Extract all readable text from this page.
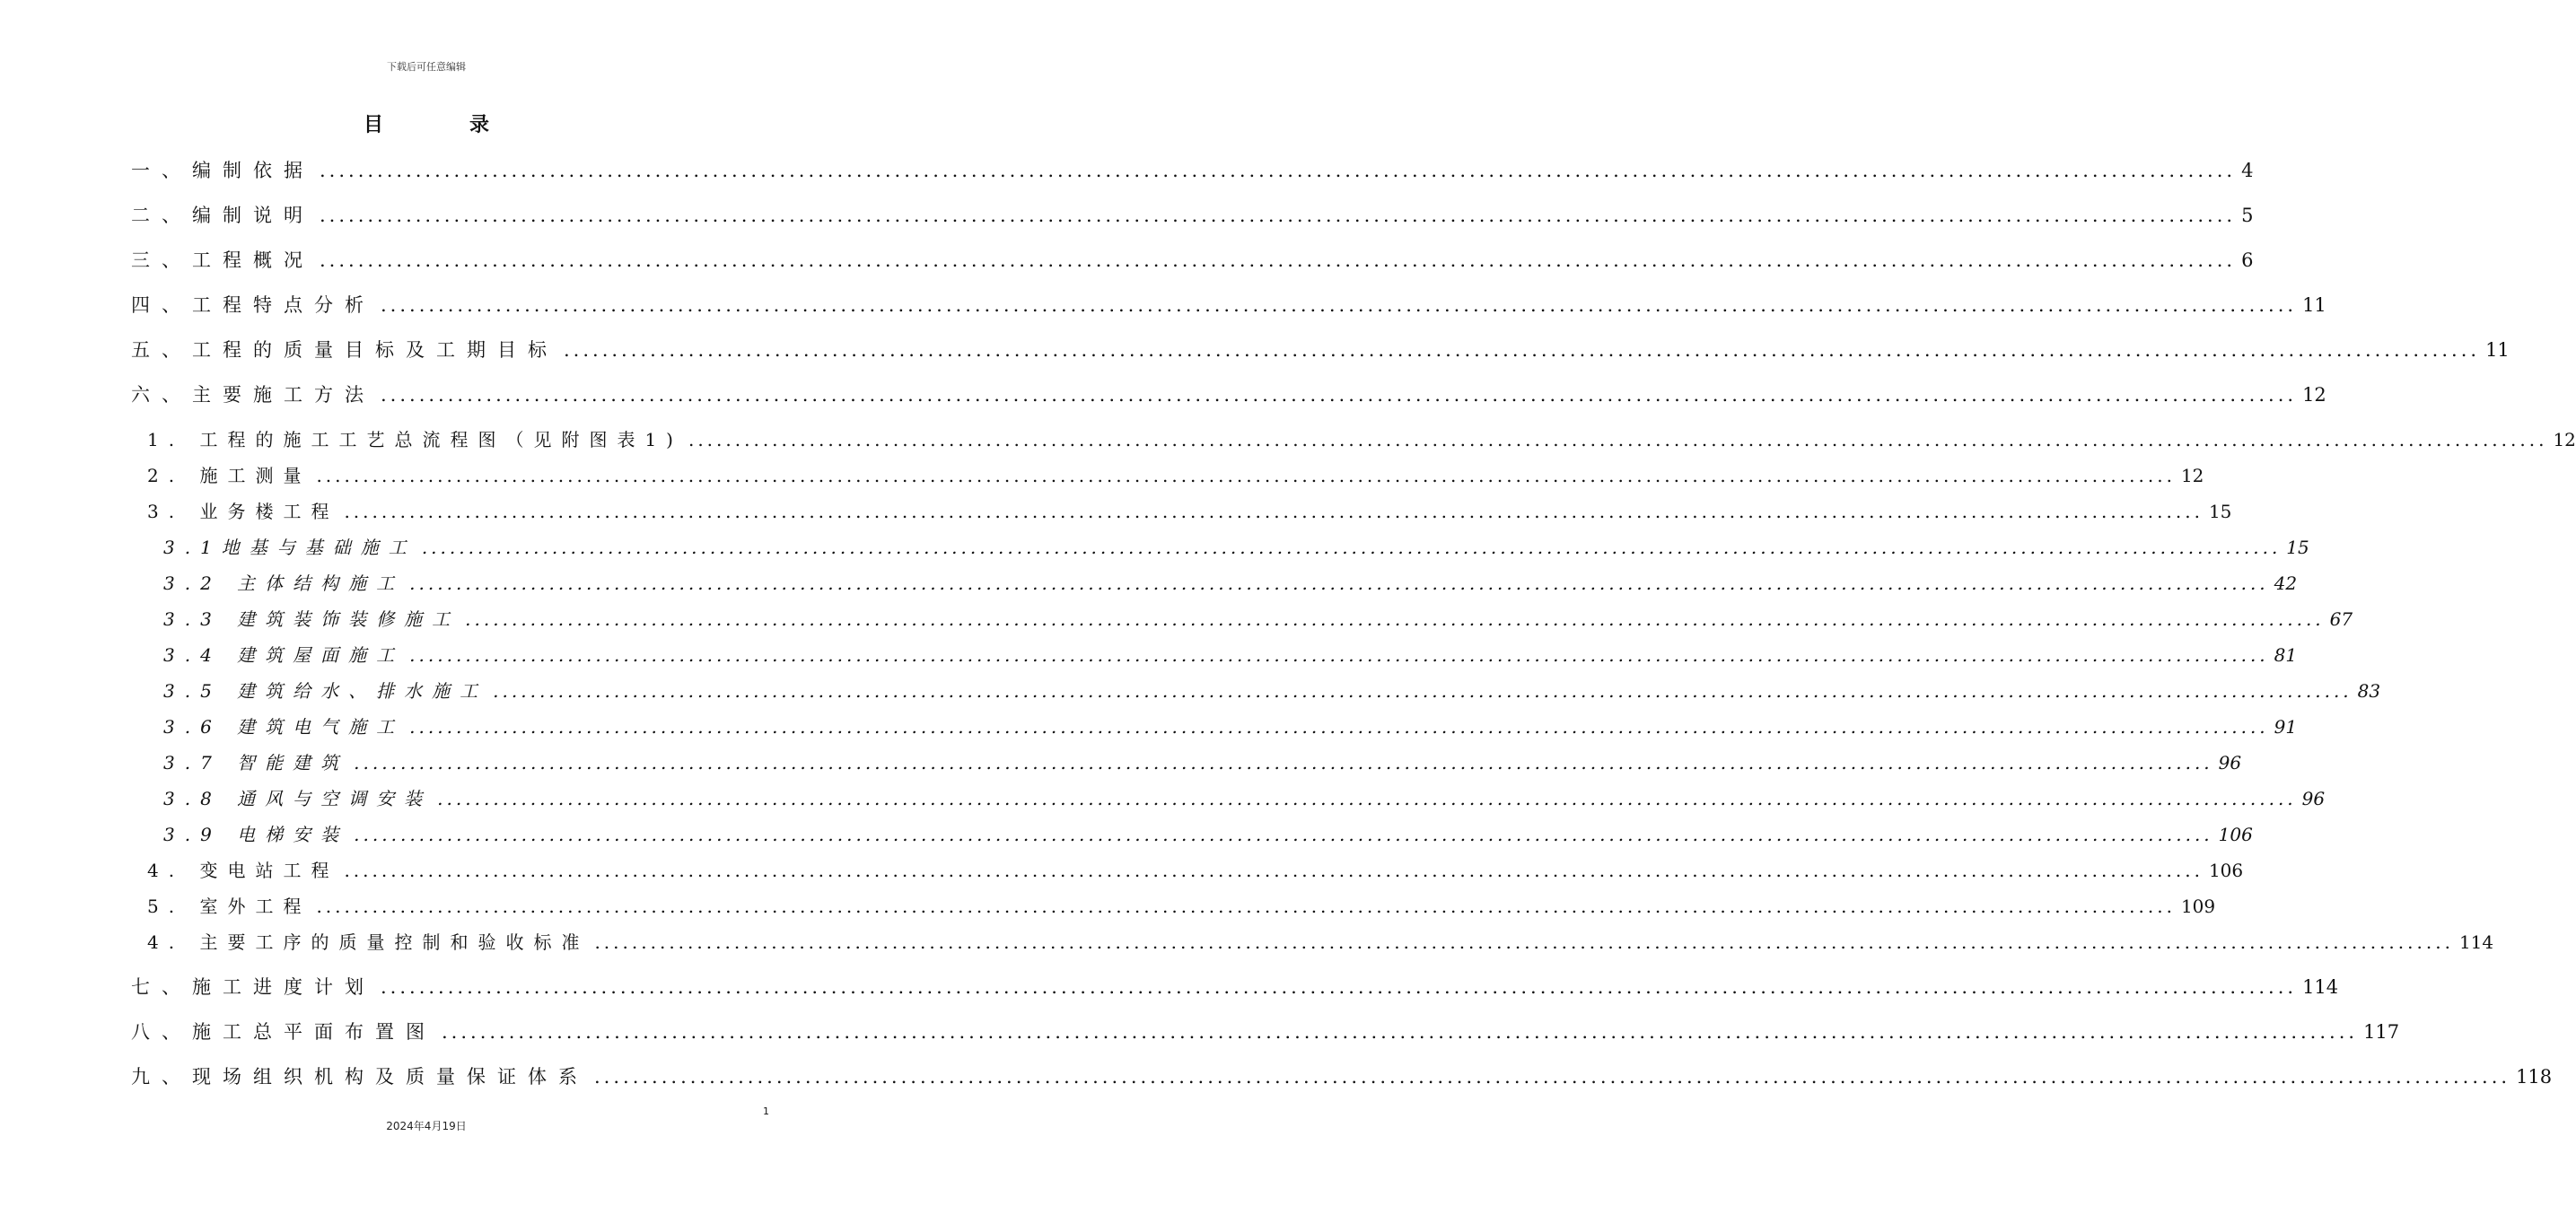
下载后可任意编辑
目	录
一、编制依据 ........................................................................................................................................................................................................ 4
二、编制说明 ........................................................................................................................................................................................................ 5
三、工程概况 ........................................................................................................................................................................................................ 6
四、工程特点分析 ........................................................................................................................................................................................................ 11
五、工程的质量目标及工期目标 ........................................................................................................................................................................................................ 11
六、主要施工方法 ........................................................................................................................................................................................................ 12
1. 工程的施工工艺总流程图（见附图表1) ........................................................................................................................................................................................................ 12
2. 施工测量 ........................................................................................................................................................................................................ 12
3. 业务楼工程 ........................................................................................................................................................................................................ 15
3.1地基与基础施工 ........................................................................................................................................................................................................ 15
3.2 主体结构施工 ........................................................................................................................................................................................................ 42
3.3 建筑装饰装修施工 ........................................................................................................................................................................................................ 67
3.4 建筑屋面施工 ........................................................................................................................................................................................................ 81
3.5 建筑给水、排水施工 ........................................................................................................................................................................................................ 83
3.6 建筑电气施工 ........................................................................................................................................................................................................ 91
3.7 智能建筑 ........................................................................................................................................................................................................ 96
3.8 通风与空调安装 ........................................................................................................................................................................................................ 96
3.9 电梯安装 ........................................................................................................................................................................................................ 106
4. 变电站工程 ........................................................................................................................................................................................................ 106
5. 室外工程 ........................................................................................................................................................................................................ 109
4. 主要工序的质量控制和验收标准 ........................................................................................................................................................................................................ 114
七、施工进度计划 ........................................................................................................................................................................................................ 114
八、施工总平面布置图 ........................................................................................................................................................................................................ 117
九、现场组织机构及质量保证体系 ........................................................................................................................................................................................................ 118
1
2024年4月19日
